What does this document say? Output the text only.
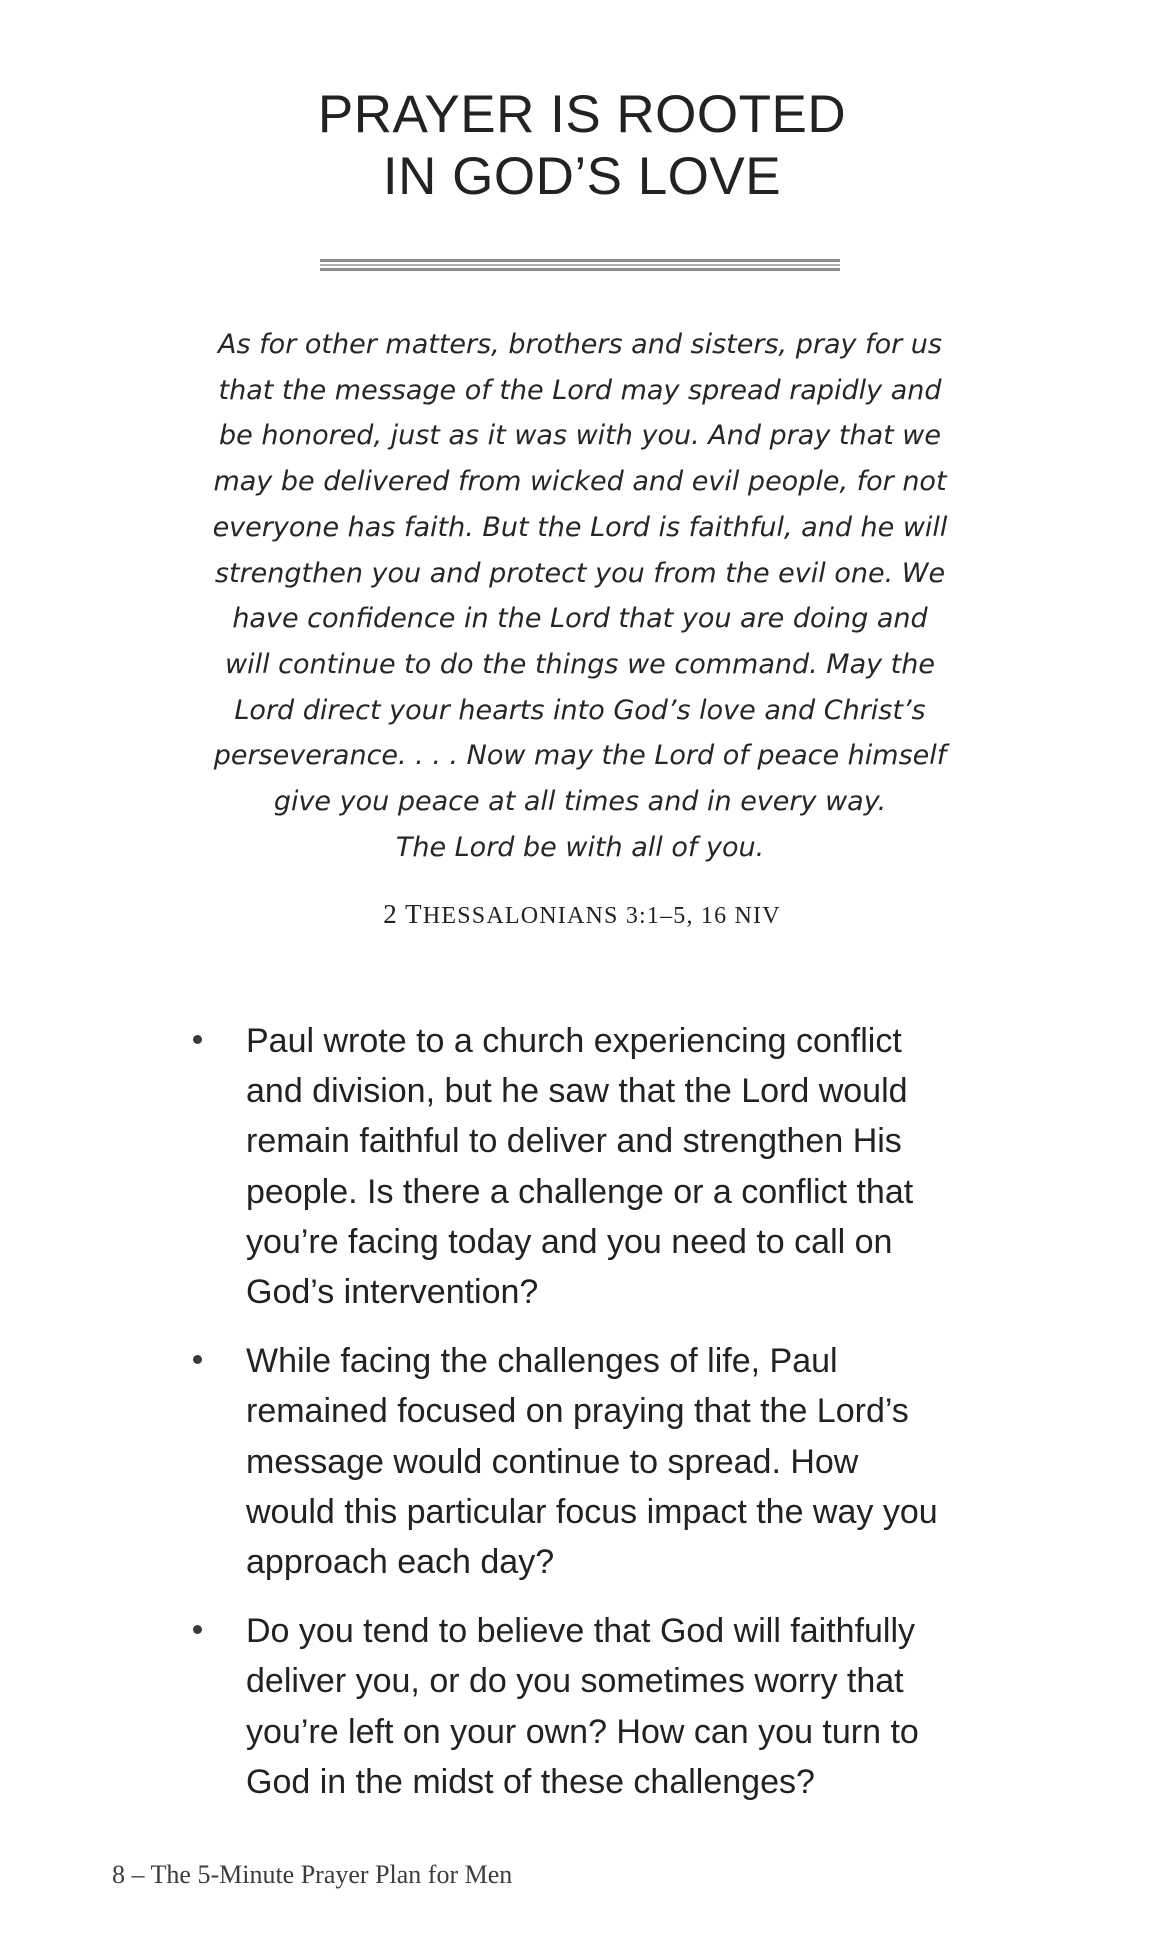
PRAYER IS ROOTED
IN GOD’S LOVE

As for other matters, brothers and sisters, pray for us
that the message of the Lord may spread rapidly and
be honored, just as it was with you. And pray that we
may be delivered from wicked and evil people, for not
everyone has faith. But the Lord is faithful, and he will
strengthen you and protect you from the evil one. We
have confidence in the Lord that you are doing and
will continue to do the things we command. May the
Lord direct your hearts into God’s love and Christ’s
perseverance. . . . Now may the Lord of peace himself
give you peace at all times and in every way.
The Lord be with all of you.

2 THESSALONIANS 3:1–5, 16 NIV

Paul wrote to a church experiencing conflict
and division, but he saw that the Lord would
remain faithful to deliver and strengthen His
people. Is there a challenge or a conflict that
you’re facing today and you need to call on
God’s intervention?

While facing the challenges of life, Paul
remained focused on praying that the Lord’s
message would continue to spread. How
would this particular focus impact the way you
approach each day?

Do you tend to believe that God will faithfully
deliver you, or do you sometimes worry that
you’re left on your own? How can you turn to
God in the midst of these challenges?

8 – The 5-Minute Prayer Plan for Men
